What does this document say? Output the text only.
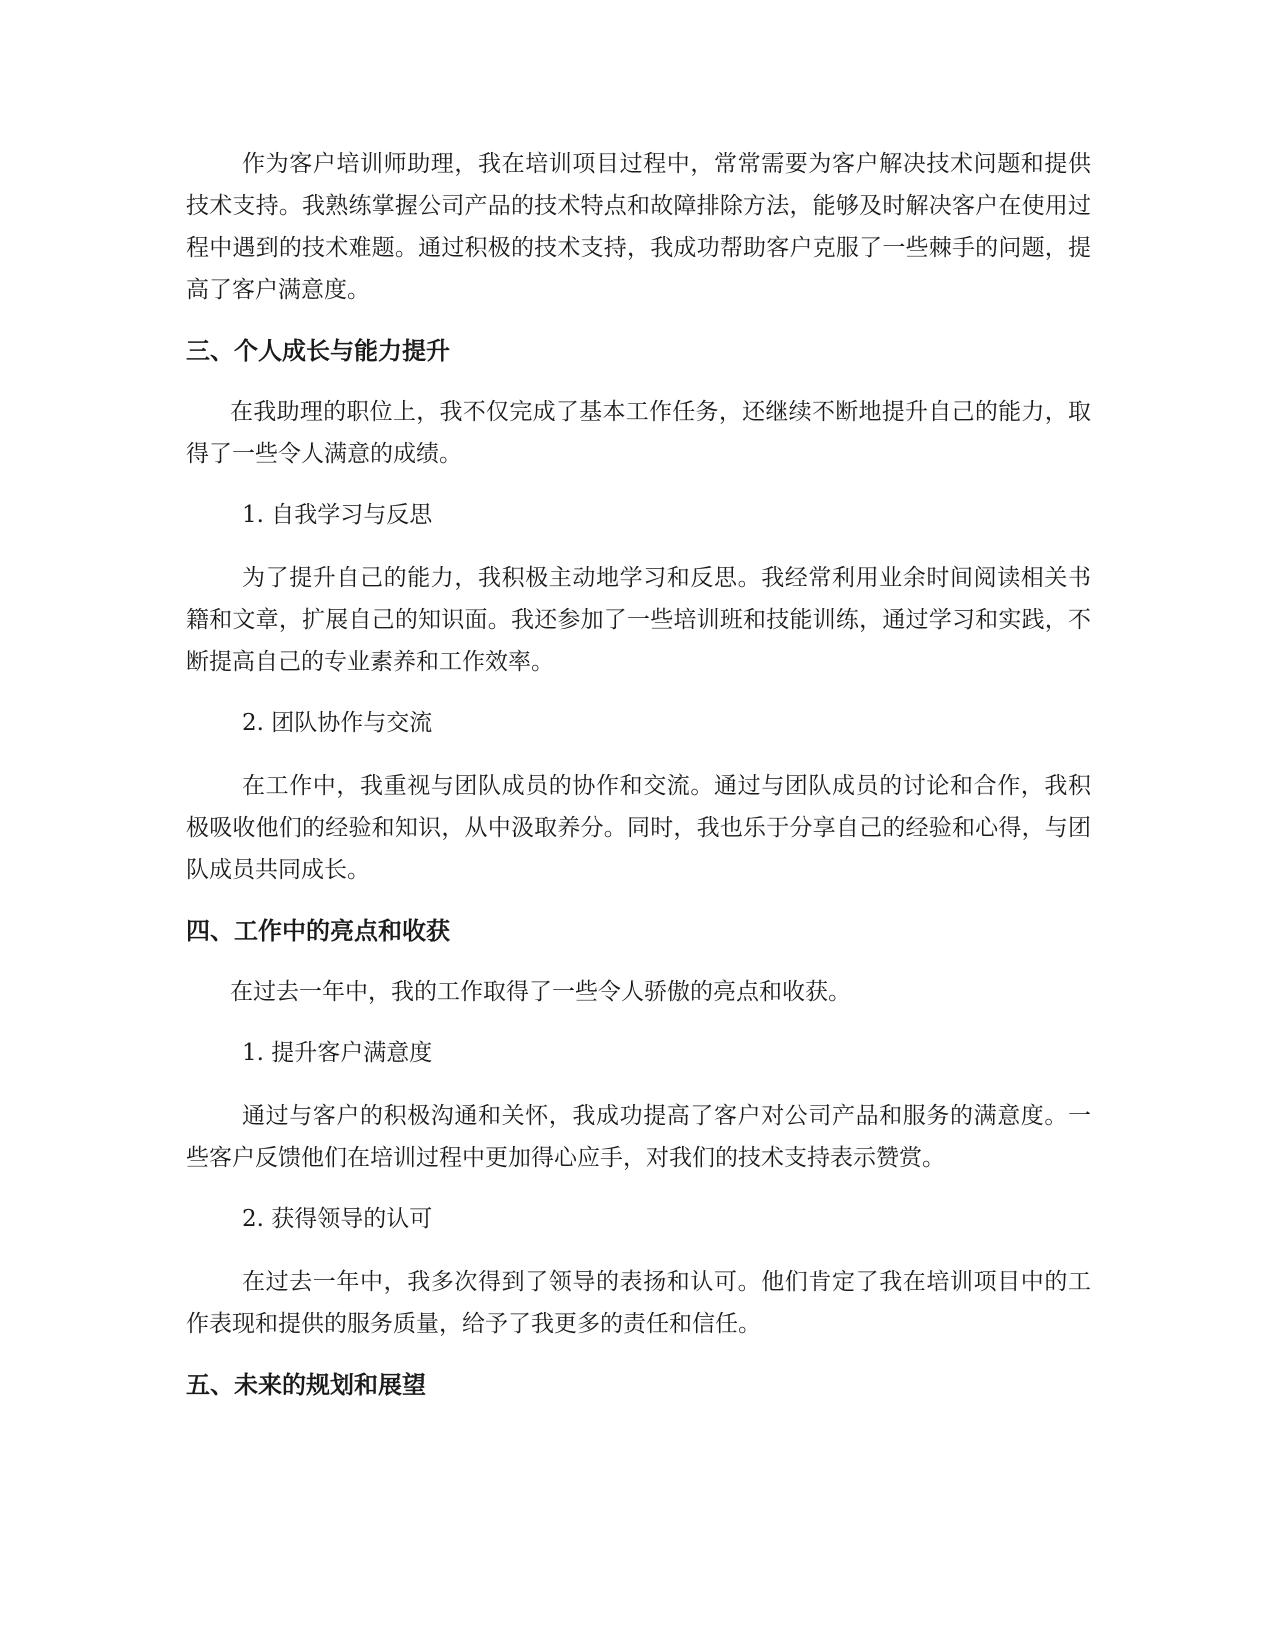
作为客户培训师助理，我在培训项目过程中，常常需要为客户解决技术问题和提供技术支持。我熟练掌握公司产品的技术特点和故障排除方法，能够及时解决客户在使用过程中遇到的技术难题。通过积极的技术支持，我成功帮助客户克服了一些棘手的问题，提高了客户满意度。

三、个人成长与能力提升

在我助理的职位上，我不仅完成了基本工作任务，还继续不断地提升自己的能力，取得了一些令人满意的成绩。

1. 自我学习与反思

为了提升自己的能力，我积极主动地学习和反思。我经常利用业余时间阅读相关书籍和文章，扩展自己的知识面。我还参加了一些培训班和技能训练，通过学习和实践，不断提高自己的专业素养和工作效率。

2. 团队协作与交流

在工作中，我重视与团队成员的协作和交流。通过与团队成员的讨论和合作，我积极吸收他们的经验和知识，从中汲取养分。同时，我也乐于分享自己的经验和心得，与团队成员共同成长。

四、工作中的亮点和收获

在过去一年中，我的工作取得了一些令人骄傲的亮点和收获。

1. 提升客户满意度

通过与客户的积极沟通和关怀，我成功提高了客户对公司产品和服务的满意度。一些客户反馈他们在培训过程中更加得心应手，对我们的技术支持表示赞赏。

2. 获得领导的认可

在过去一年中，我多次得到了领导的表扬和认可。他们肯定了我在培训项目中的工作表现和提供的服务质量，给予了我更多的责任和信任。

五、未来的规划和展望
